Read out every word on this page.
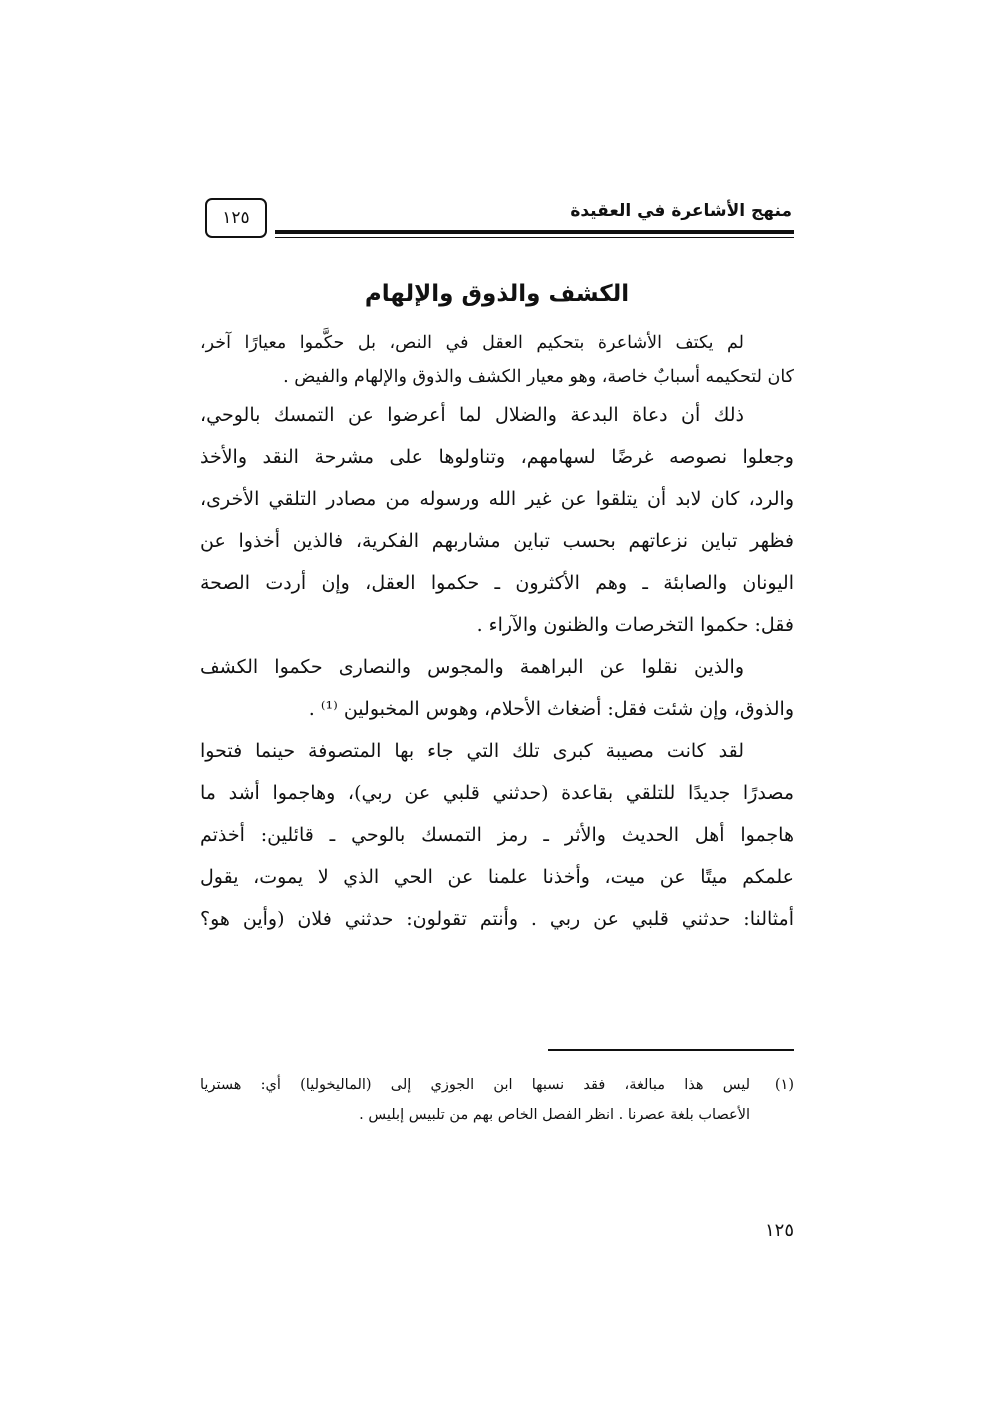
منهج الأشاعرة في العقيدة
١٢٥
الكشف والذوق والإلهام
لم يكتف الأشاعرة بتحكيم العقل في النص، بل حكَّموا معيارًا آخر،
كان لتحكيمه أسبابٌ خاصة، وهو معيار الكشف والذوق والإلهام والفيض .
ذلك أن دعاة البدعة والضلال لما أعرضوا عن التمسك بالوحي،
وجعلوا نصوصه غرضًا لسهامهم، وتناولوها على مشرحة النقد والأخذ
والرد، كان لابد أن يتلقوا عن غير الله ورسوله من مصادر التلقي الأخرى،
فظهر تباين نزعاتهم بحسب تباين مشاربهم الفكرية، فالذين أخذوا عن
اليونان والصابئة ـ وهم الأكثرون ـ حكموا العقل، وإن أردت الصحة
فقل: حكموا التخرصات والظنون والآراء .
والذين نقلوا عن البراهمة والمجوس والنصارى حكموا الكشف
والذوق، وإن شئت فقل: أضغاث الأحلام، وهوس المخبولين ⁽¹⁾ .
لقد كانت مصيبة كبرى تلك التي جاء بها المتصوفة حينما فتحوا
مصدرًا جديدًا للتلقي بقاعدة (حدثني قلبي عن ربي)، وهاجموا أشد ما
هاجموا أهل الحديث والأثر ـ رمز التمسك بالوحي ـ قائلين: أخذتم
علمكم ميتًا عن ميت، وأخذنا علمنا عن الحي الذي لا يموت، يقول
أمثالنا: حدثني قلبي عن ربي . وأنتم تقولون: حدثني فلان (وأين هو؟
(١)
ليس هذا مبالغة، فقد نسبها ابن الجوزي إلى (الماليخوليا) أي: هستريا
الأعصاب بلغة عصرنا . انظر الفصل الخاص بهم من تلبيس إبليس .
١٢٥
